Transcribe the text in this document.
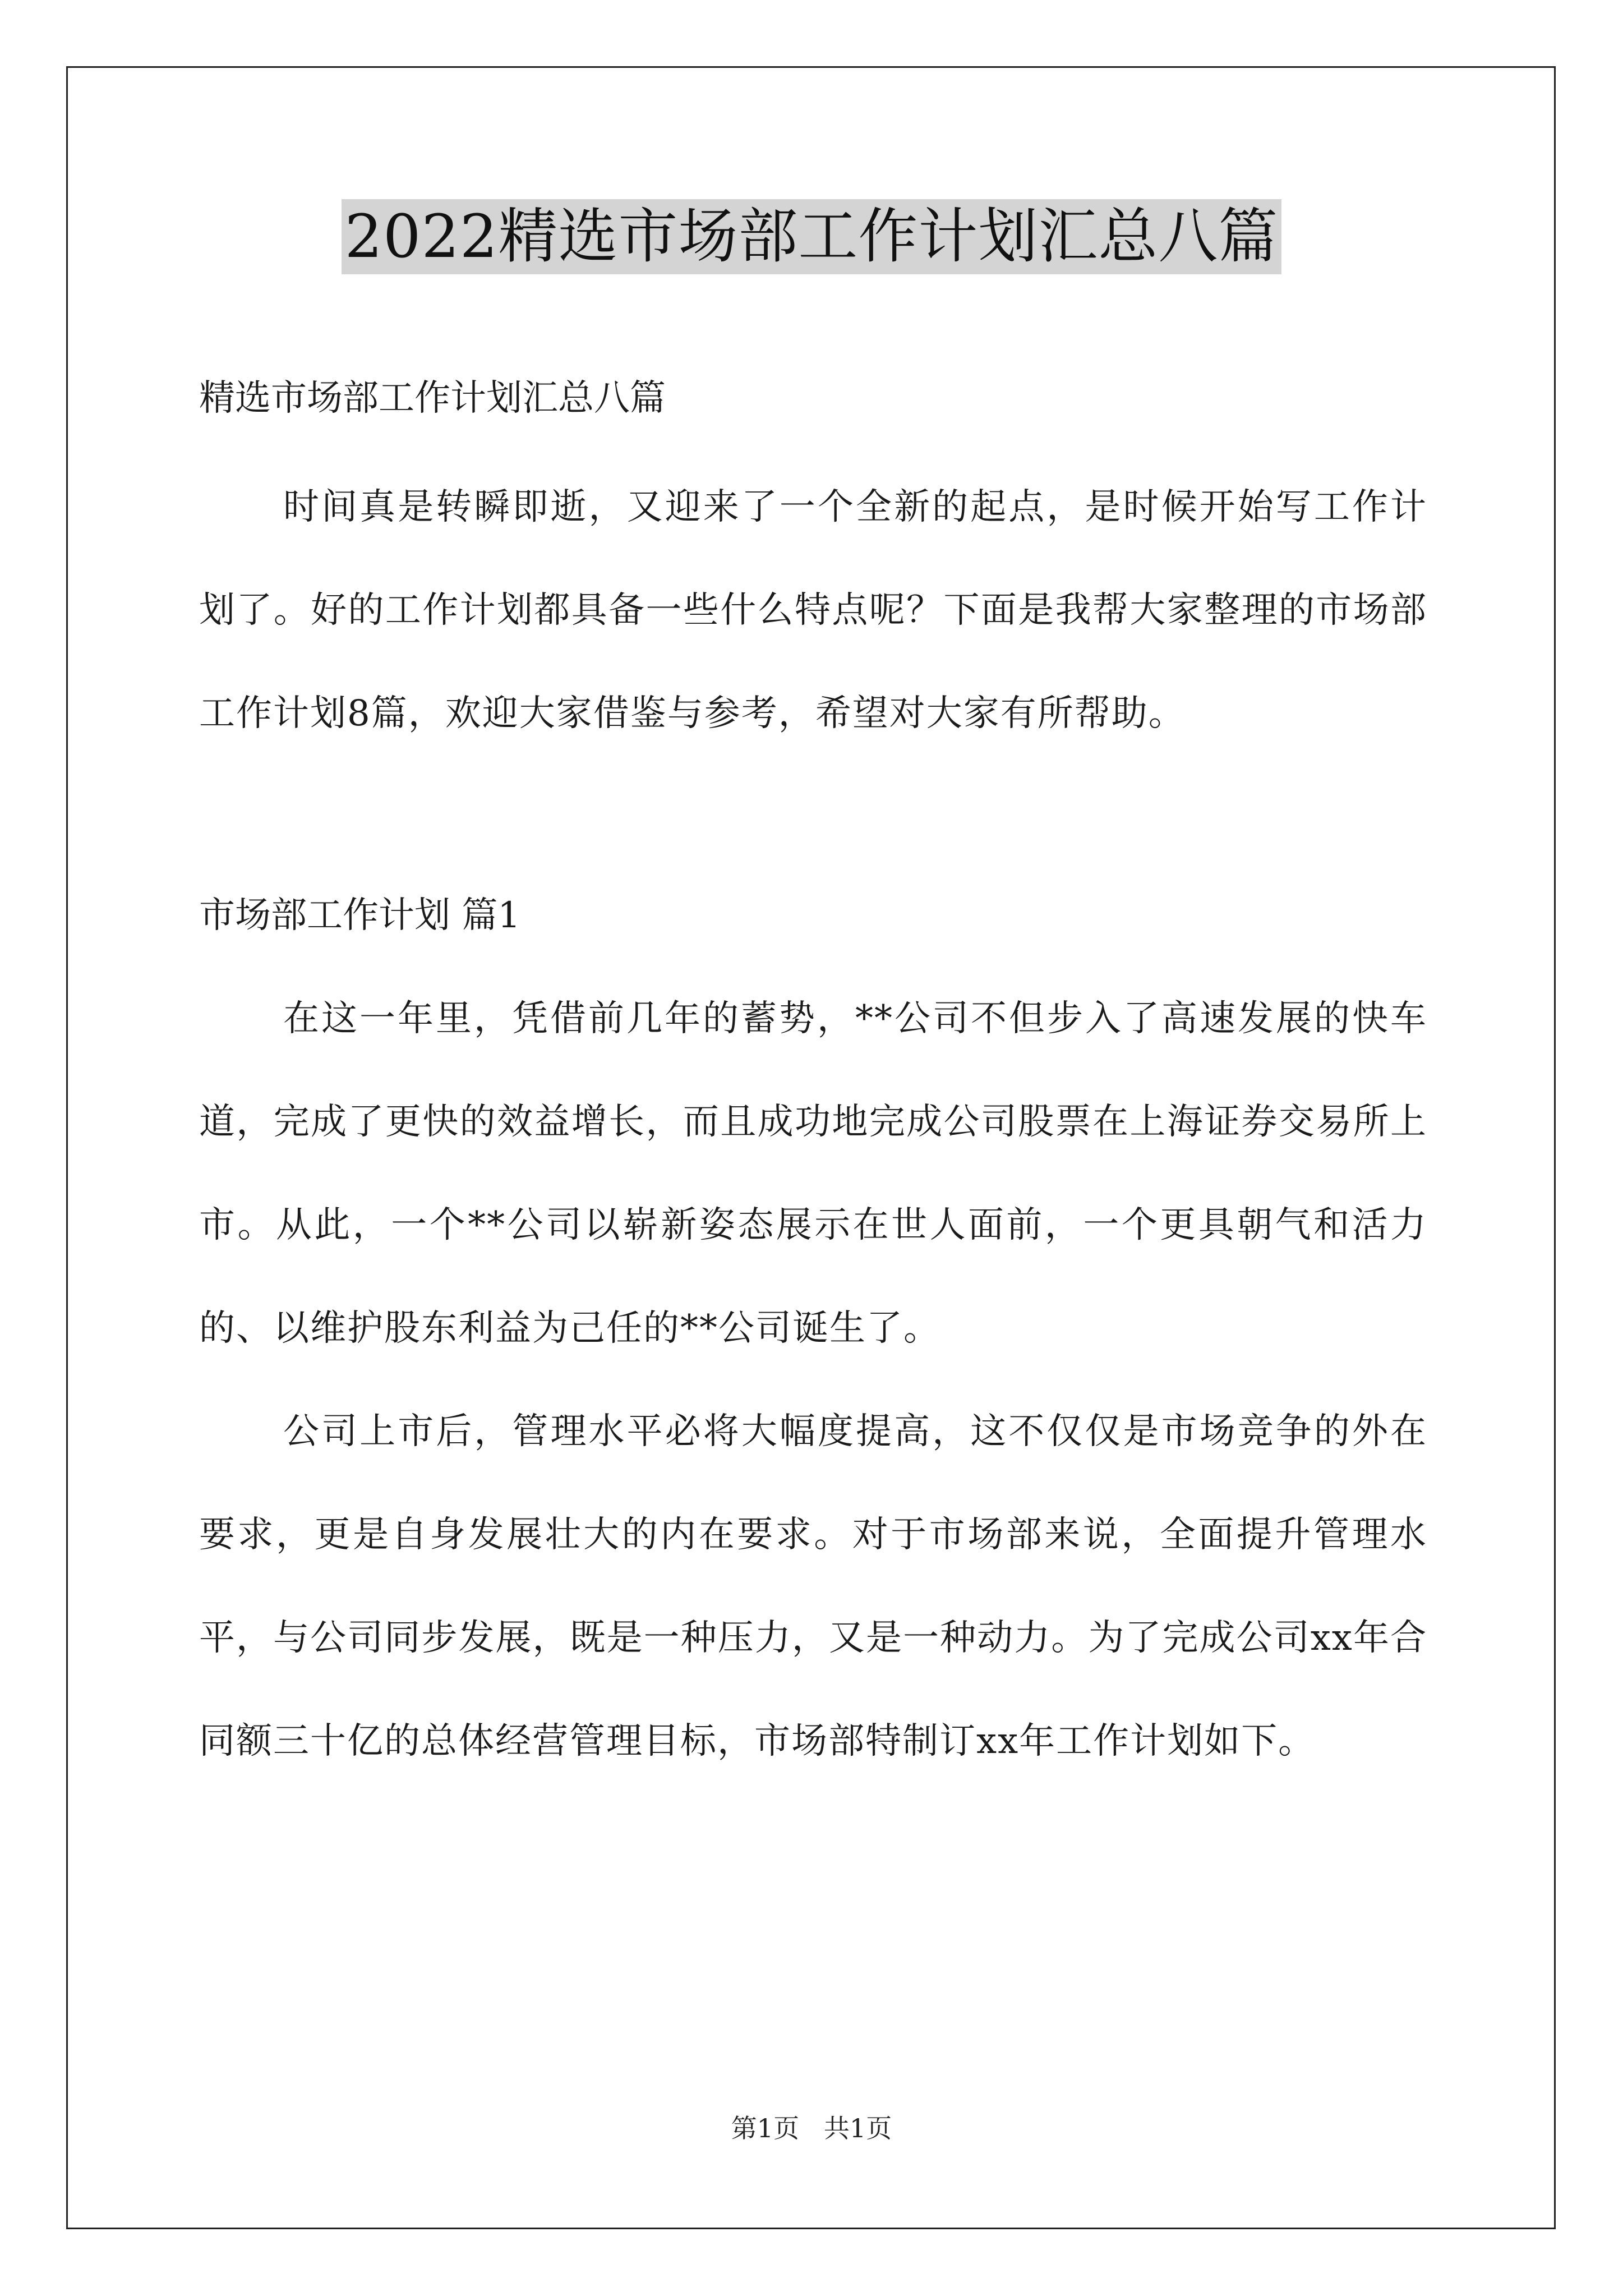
2022精选市场部工作计划汇总八篇
精选市场部工作计划汇总八篇

时间真是转瞬即逝，又迎来了一个全新的起点，是时候开始写工作计划了。好的工作计划都具备一些什么特点呢？下面是我帮大家整理的市场部工作计划8篇，欢迎大家借鉴与参考，希望对大家有所帮助。

市场部工作计划 篇1

在这一年里，凭借前几年的蓄势，**公司不但步入了高速发展的快车道，完成了更快的效益增长，而且成功地完成公司股票在上海证券交易所上市。从此，一个**公司以崭新姿态展示在世人面前，一个更具朝气和活力的、以维护股东利益为己任的**公司诞生了。

公司上市后，管理水平必将大幅度提高，这不仅仅是市场竞争的外在要求，更是自身发展壮大的内在要求。对于市场部来说，全面提升管理水平，与公司同步发展，既是一种压力，又是一种动力。为了完成公司xx年合同额三十亿的总体经营管理目标，市场部特制订xx年工作计划如下。

第1页   共1页
